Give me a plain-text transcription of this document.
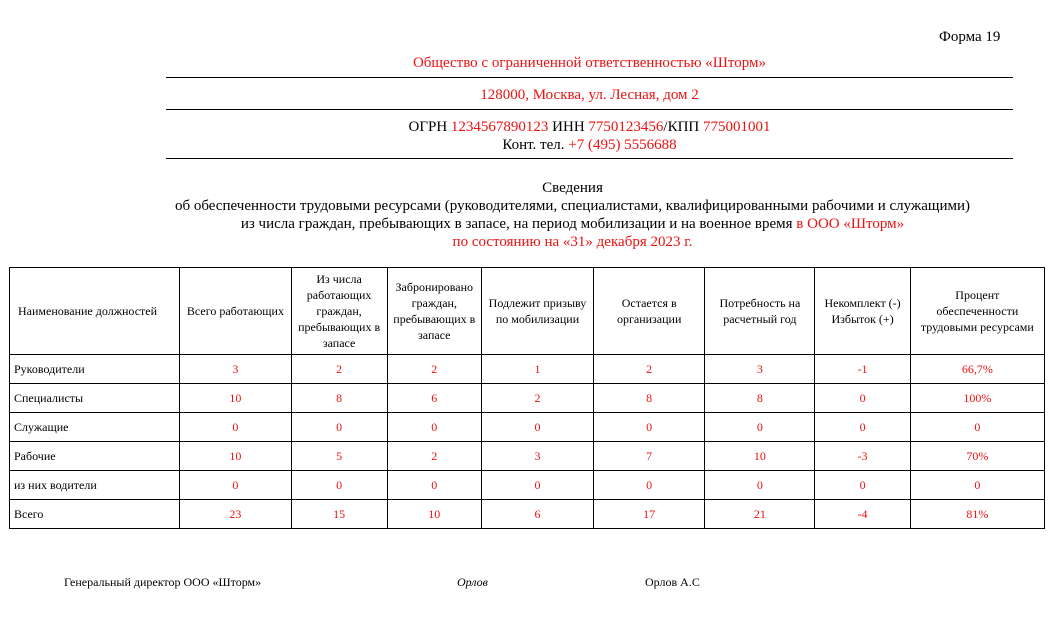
Форма 19
Общество с ограниченной ответственностью «Шторм»
128000, Москва, ул. Лесная, дом 2
ОГРН 1234567890123 ИНН 7750123456/КПП 775001001
Конт. тел. +7 (495) 5556688
Сведения
об обеспеченности трудовыми ресурсами (руководителями, специалистами, квалифицированными рабочими и служащими)
из числа граждан, пребывающих в запасе, на период мобилизации и на военное время в ООО «Шторм»
по состоянию на «31» декабря 2023 г.
Наименование должностей	Всего работающих	Из числа работающих граждан, пребывающих в запасе	Забронировано граждан, пребывающих в запасе	Подлежит призыву по мобилизации	Остается в организации	Потребность на расчетный год	Некомплект (-) Избыток (+)	Процент обеспеченности трудовыми ресурсами
Руководители	3	2	2	1	2	3	-1	66,7%
Специалисты	10	8	6	2	8	8	0	100%
Служащие	0	0	0	0	0	0	0	0
Рабочие	10	5	2	3	7	10	-3	70%
из них водители	0	0	0	0	0	0	0	0
Всего	23	15	10	6	17	21	-4	81%
Генеральный директор ООО «Шторм»	Орлов	Орлов А.С
